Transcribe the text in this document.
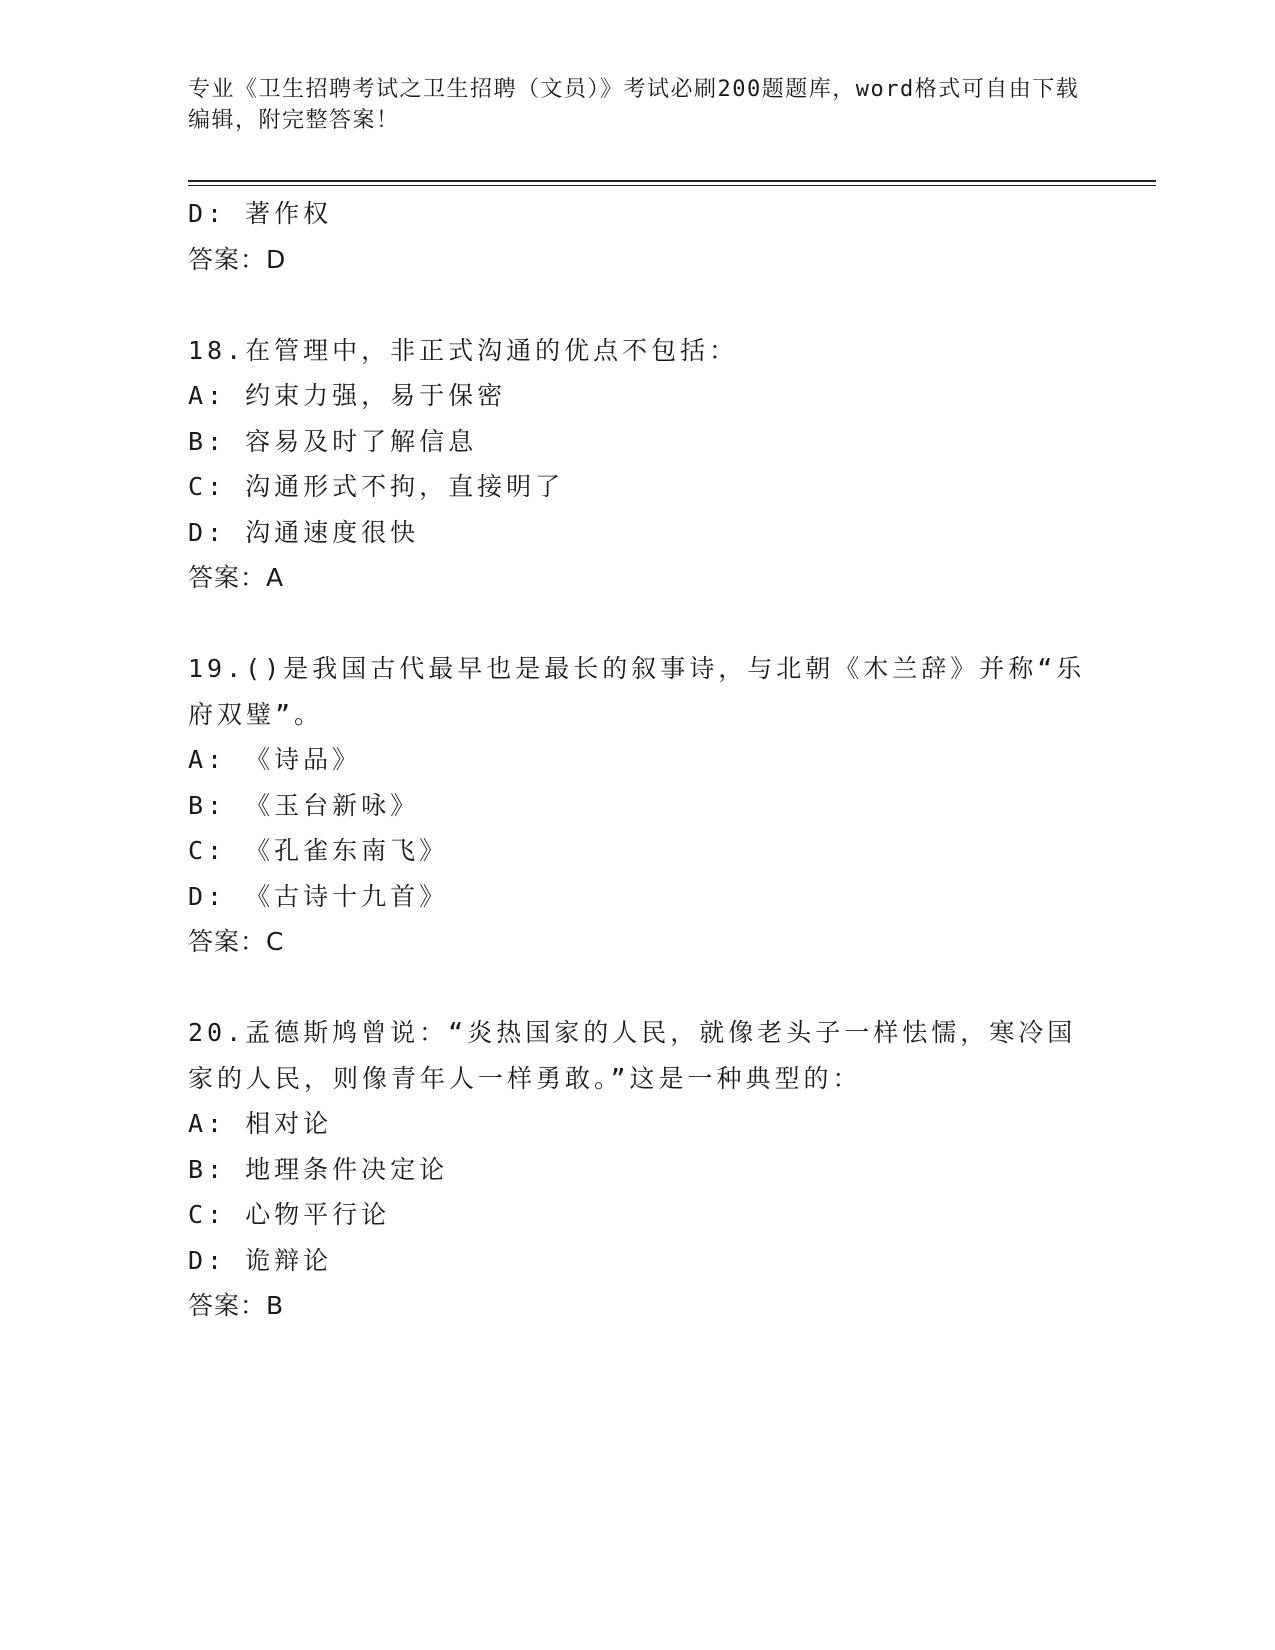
专业《卫生招聘考试之卫生招聘（文员）》考试必刷200题题库，word格式可自由下载编辑，附完整答案！
D: 著作权
答案：D
18.在管理中，非正式沟通的优点不包括：
A: 约束力强，易于保密
B: 容易及时了解信息
C: 沟通形式不拘，直接明了
D: 沟通速度很快
答案：A
19.()是我国古代最早也是最长的叙事诗，与北朝《木兰辞》并称“乐府双璧”。
A: 《诗品》
B: 《玉台新咏》
C: 《孔雀东南飞》
D: 《古诗十九首》
答案：C
20.孟德斯鸠曾说：“炎热国家的人民，就像老头子一样怯懦，寒冷国家的人民，则像青年人一样勇敢。”这是一种典型的：
A: 相对论
B: 地理条件决定论
C: 心物平行论
D: 诡辩论
答案：B
